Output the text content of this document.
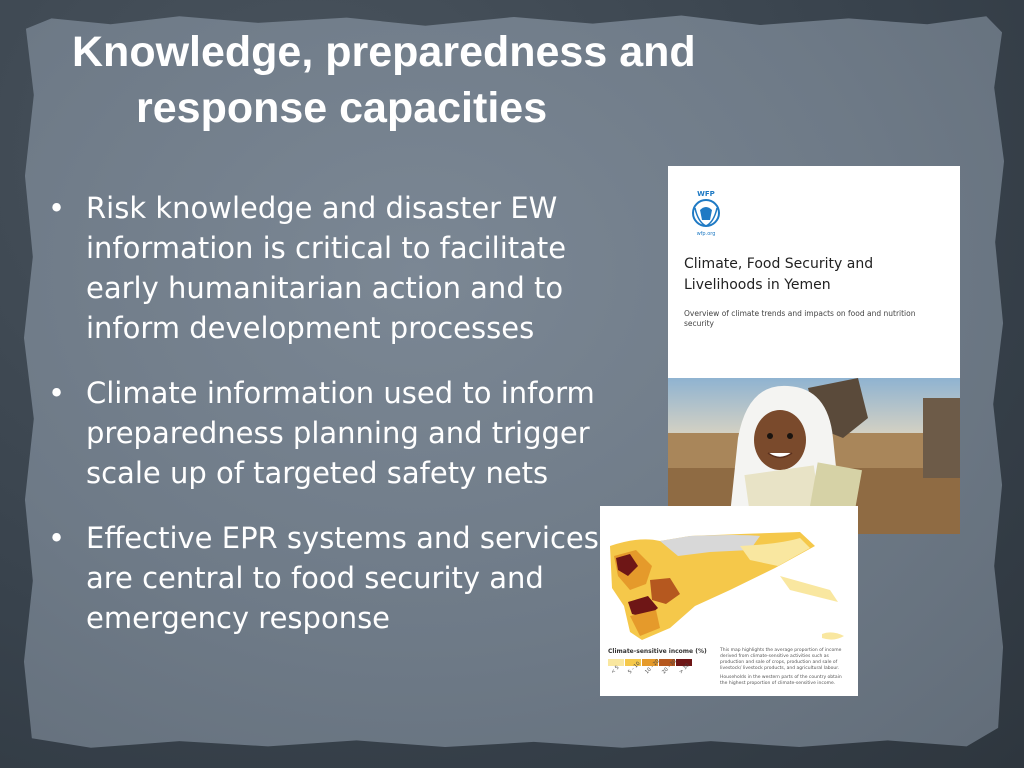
Knowledge, preparedness and
response capacities
• Risk knowledge and disaster EW information is critical to facilitate early humanitarian action and to inform development processes
• Climate information used to inform preparedness planning and trigger scale up of targeted safety nets
• Effective EPR systems and services are central to food security and emergency response
WFP
wfp.org
Climate, Food Security and Livelihoods in Yemen
Overview of climate trends and impacts on food and nutrition security
Climate-sensitive income (%)
< 5 5 - 10 10 - 20 20 - 30 > 30
This map highlights the average proportion of income derived from climate-sensitive activities such as production and sale of crops, production and sale of livestock/ livestock products, and agricultural labour.
Households in the western parts of the country obtain the highest proportion of climate-sensitive income.
